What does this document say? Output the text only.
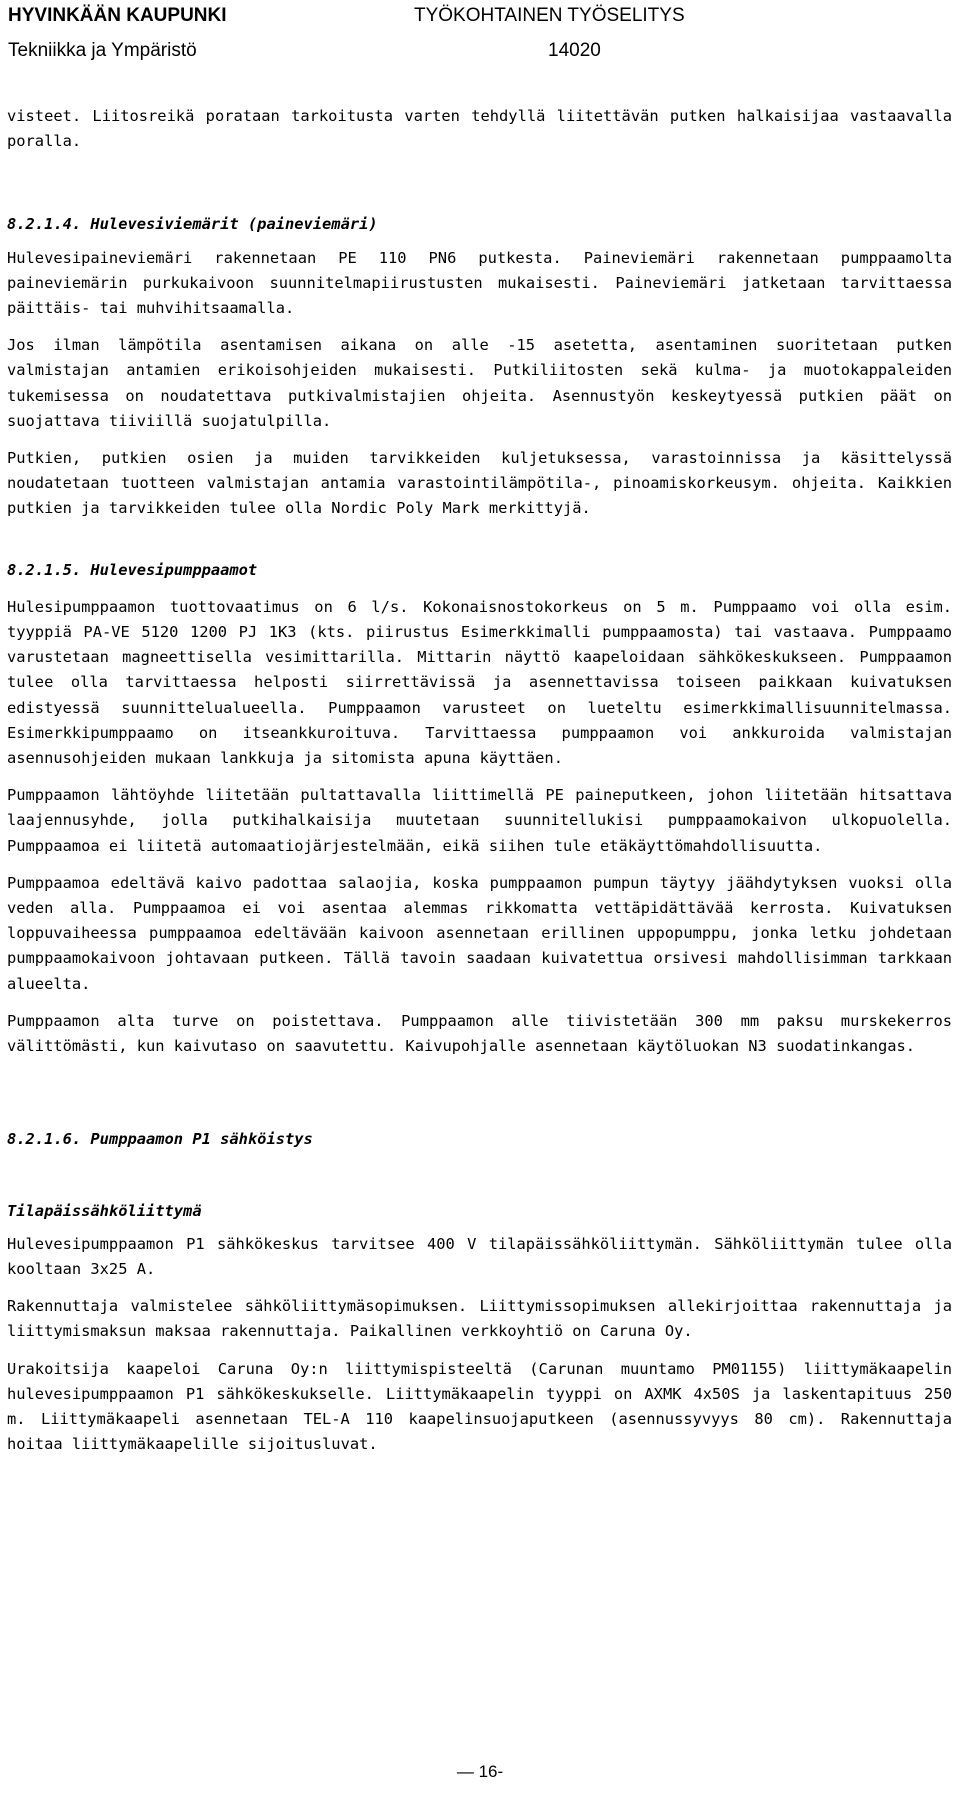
HYVINKÄÄN KAUPUNKI
Tekniikka ja Ympäristö
TYÖKOHTAINEN TYÖSELITYS
14020

visteet. Liitosreikä poratаan tarkoitusta varten tehdyllä liitettävän putken halkaisijaa vastaavalla poralla.

8.2.1.4. Hulevesiviemärit (paineviemäri)

Hulevesipaineviemäri rakennetaan PE 110 PN6 putkesta. Paineviemäri rakennetaan pumppaamolta paineviemärin purkukaivoon suunnitelmapiirustusten mukaisesti. Paineviemäri jatketaan tarvittaessa päittäis- tai muhvihitsaamalla.

Jos ilman lämpötila asentamisen aikana on alle -15 asetetta, asentaminen suoritetaan putken valmistajan antamien erikoisohjeiden mukaisesti. Putkiliitosten sekä kulma- ja muotokappaleiden tukemisessa on noudatettava putkivalmistajien ohjeita. Asennustyön keskeytyessä putkien päät on suojattava tiiviillä suojatulpilla.

Putkien, putkien osien ja muiden tarvikkeiden kuljetuksessa, varastoinnissa ja käsittelyssä noudatetaan tuotteen valmistajan antamia varastointilämpötila-, pinoamiskorkeusym. ohjeita. Kaikkien putkien ja tarvikkeiden tulee olla Nordic Poly Mark merkittyjä.

8.2.1.5. Hulevesipumppaamot

Hulesipumppaamon tuottovaatimus on 6 l/s. Kokonaisnostokorkeus on 5 m. Pumppaamo voi olla esim. tyyppiä PA-VE 5120 1200 PJ 1K3 (kts. piirustus Esimerkkimalli pumppaamosta) tai vastaava. Pumppaamo varustetaan magneettisella vesimittarilla. Mittarin näyttö kaapeloidaan sähkökeskukseen. Pumppaamon tulee olla tarvittaessa helposti siirrettävissä ja asennettavissa toiseen paikkaan kuivatuksen edistyessä suunnittelualueella. Pumppaamon varusteet on lueteltu esimerkkimallisuunnitelmassa. Esimerkkipumppaamo on itseankkuroituva. Tarvittaessa pumppaamon voi ankkuroida valmistajan asennusohjeiden mukaan lankkuja ja sitomista apuna käyttäen.

Pumppaamon lähtöyhde liitetään pultattavalla liittimellä PE paineputkeen, johon liitetään hitsattava laajennusyhde, jolla putkihalkaisija muutetaan suunnitellukisi pumppaamokaivon ulkopuolella. Pumppaamoa ei liitetä automaatiojärjestelmään, eikä siihen tule etäkäyttömahdollisuutta.

Pumppaamoa edeltävä kaivo padottaa salaojia, koska pumppaamon pumpun täytyy jäähdytyksen vuoksi olla veden alla. Pumppaamoa ei voi asentaa alemmas rikkomatta vettäpidättävää kerrosta. Kuivatuksen loppuvaiheessa pumppaamoa edeltävään kaivoon asennetaan erillinen uppopumppu, jonka letku johdetaan pumppaamokaivoon johtavaan putkeen. Tällä tavoin saadaan kuivatettua orsivesi mahdollisimman tarkkaan alueelta.

Pumppaamon alta turve on poistettava. Pumppaamon alle tiivistetään 300 mm paksu murskekerros välittömästi, kun kaivutaso on saavutettu. Kaivupohjalle asennetaan käytöluokan N3 suodatinkangas.

8.2.1.6. Pumppaamon P1 sähköistys

Tilapäissähköliittymä

Hulevesipumppaamon P1 sähkökeskus tarvitsee 400 V tilapäissähköliittymän. Sähköliittymän tulee olla kooltaan 3x25 A.

Rakennuttaja valmistelee sähköliittymäsopimuksen. Liittymissopimuksen allekirjoittaa rakennuttaja ja liittymismaksun maksaa rakennuttaja. Paikallinen verkkoyhtiö on Caruna Oy.

Urakoitsija kaapeloi Caruna Oy:n liittymispisteeltä (Carunan muuntamo PM01155) liittymäkaapelin hulevesipumppaamon P1 sähkökeskukselle. Liittymäkaapelin tyyppi on AXMK 4x50S ja laskentapituus 250 m. Liittymäkaapeli asennetaan TEL-A 110 kaapelinsuojaputkeen (asennussyvyys 80 cm). Rakennuttaja hoitaa liittymäkaapelille sijoitusluvat.

— 16-
